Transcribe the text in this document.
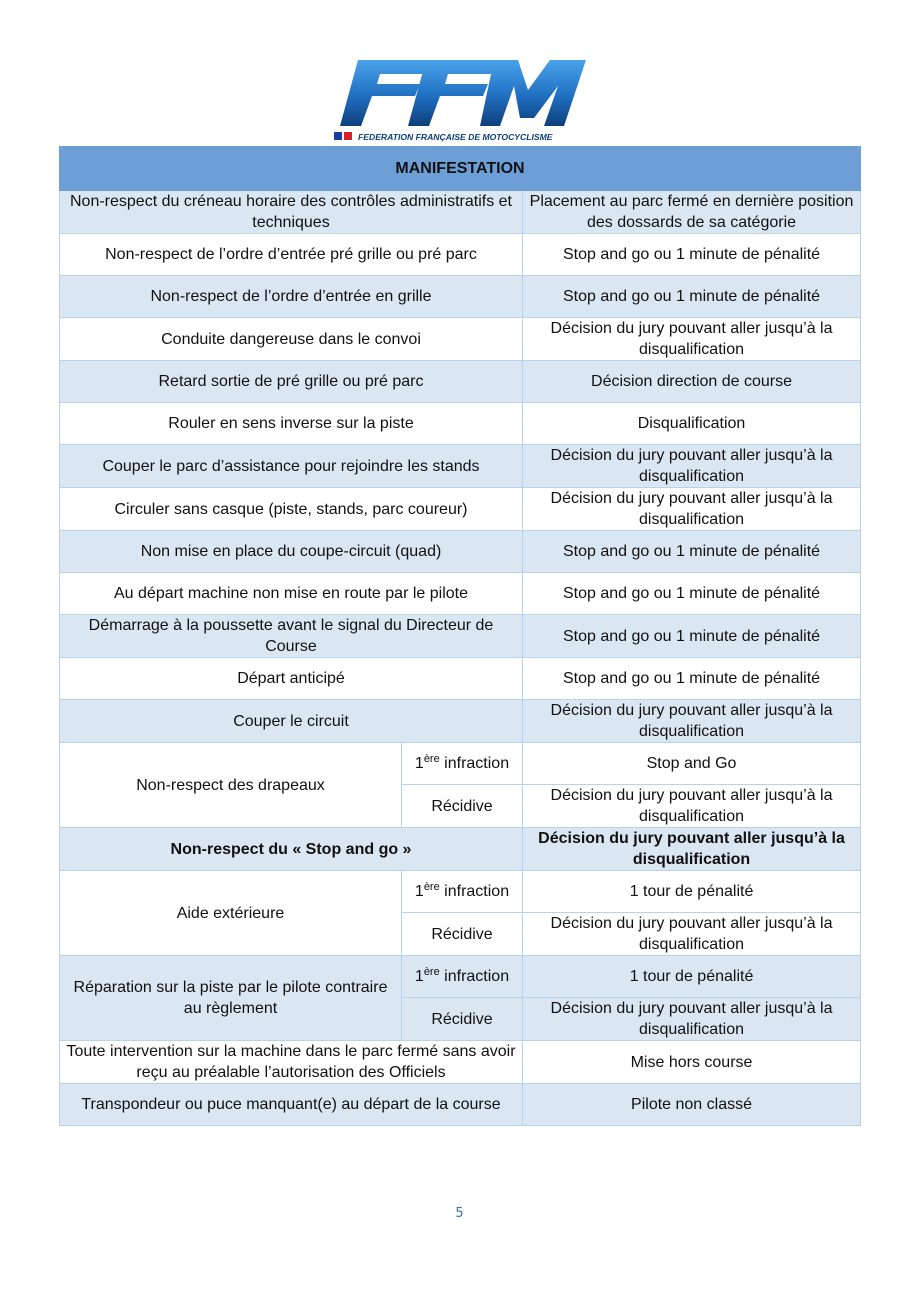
FEDERATION FRANÇAISE DE MOTOCYCLISME
MANIFESTATION		
Non-respect du créneau horaire des contrôles administratifs et techniques		Placement au parc fermé en dernière position des dossards de sa catégorie
Non-respect de l’ordre d’entrée pré grille ou pré parc		Stop and go ou 1 minute de pénalité
Non-respect de l’ordre d’entrée en grille		Stop and go ou 1 minute de pénalité
Conduite dangereuse dans le convoi		Décision du jury pouvant aller jusqu’à la disqualification
Retard sortie de pré grille ou pré parc		Décision direction de course
Rouler en sens inverse sur la piste		Disqualification
Couper le parc d’assistance pour rejoindre les stands		Décision du jury pouvant aller jusqu’à la disqualification
Circuler sans casque (piste, stands, parc coureur)		Décision du jury pouvant aller jusqu’à la disqualification
Non mise en place du coupe-circuit (quad)		Stop and go ou 1 minute de pénalité
Au départ machine non mise en route par le pilote		Stop and go ou 1 minute de pénalité
Démarrage à la poussette avant le signal du Directeur de Course		Stop and go ou 1 minute de pénalité
Départ anticipé		Stop and go ou 1 minute de pénalité
Couper le circuit		Décision du jury pouvant aller jusqu’à la disqualification
Non-respect des drapeaux	1ère infraction	Stop and Go
	Récidive	Décision du jury pouvant aller jusqu’à la disqualification
Non-respect du « Stop and go »		Décision du jury pouvant aller jusqu’à la disqualification
Aide extérieure	1ère infraction	1 tour de pénalité
	Récidive	Décision du jury pouvant aller jusqu’à la disqualification
Réparation sur la piste par le pilote contraire au règlement	1ère infraction	1 tour de pénalité
	Récidive	Décision du jury pouvant aller jusqu’à la disqualification
Toute intervention sur la machine dans le parc fermé sans avoir reçu au préalable l’autorisation des Officiels		Mise hors course
Transpondeur ou puce manquant(e) au départ de la course		Pilote non classé
5
